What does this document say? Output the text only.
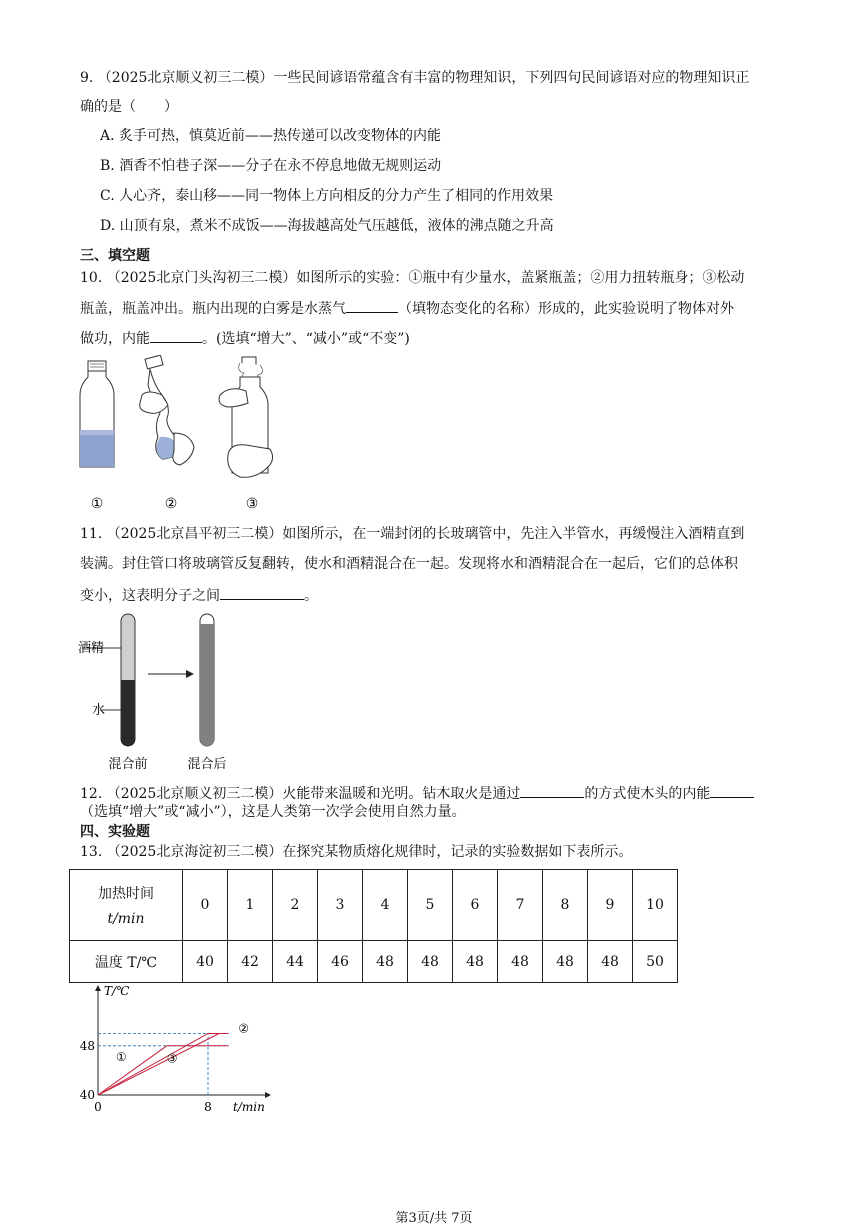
9. （2025北京顺义初三二模）一些民间谚语常蕴含有丰富的物理知识，下列四句民间谚语对应的物理知识正
确的是（　　）
A. 炙手可热，慎莫近前——热传递可以改变物体的内能
B. 酒香不怕巷子深——分子在永不停息地做无规则运动
C. 人心齐，泰山移——同一物体上方向相反的分力产生了相同的作用效果
D. 山顶有泉，煮米不成饭——海拔越高处气压越低，液体的沸点随之升高
三、填空题
10. （2025北京门头沟初三二模）如图所示的实验：①瓶中有少量水，盖紧瓶盖；②用力扭转瓶身；③松动
瓶盖，瓶盖冲出。瓶内出现的白雾是水蒸气	（填物态变化的名称）形成的，此实验说明了物体对外
做功，内能	。(选填“增大”、“减小”或“不变”)
①	②	③
11. （2025北京昌平初三二模）如图所示，在一端封闭的长玻璃管中，先注入半管水，再缓慢注入酒精直到
装满。封住管口将玻璃管反复翻转，使水和酒精混合在一起。发现将水和酒精混合在一起后，它们的总体积
变小，这表明分子之间	。
酒精
水
混合前	混合后
12. （2025北京顺义初三二模）火能带来温暖和光明。钻木取火是通过	的方式使木头的内能
（选填“增大”或“减小”），这是人类第一次学会使用自然力量。
四、实验题
13. （2025北京海淀初三二模）在探究某物质熔化规律时，记录的实验数据如下表所示。
加热时间
t/min	0	1	2	3	4	5	6	7	8	9	10
温度 T/℃	40	42	44	46	48	48	48	48	48	48	50
①
②
③
T/℃
t/min
40
48
8
0
第3页/共 7页
